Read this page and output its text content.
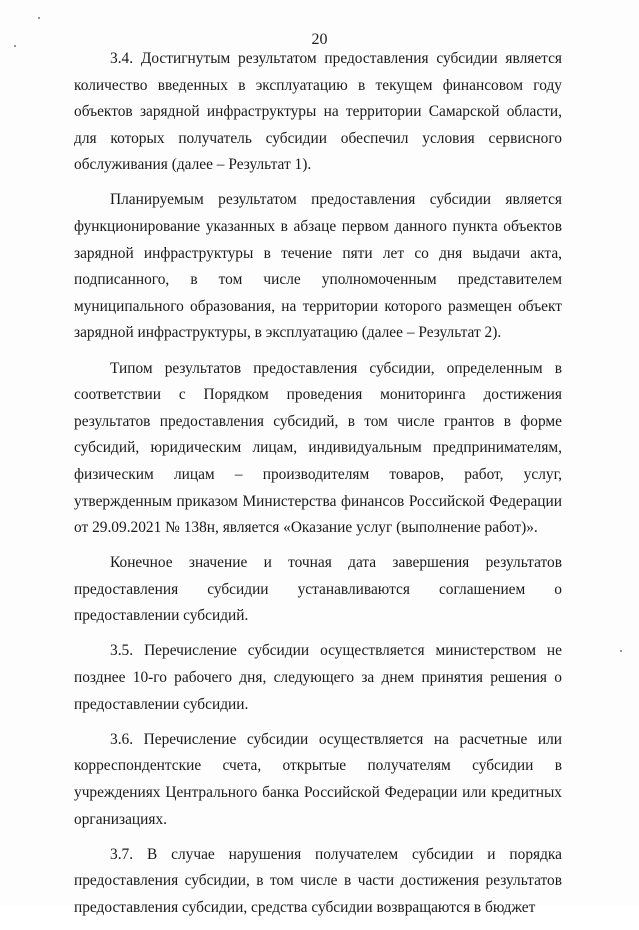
20

3.4. Достигнутым результатом предоставления субсидии является количество введенных в эксплуатацию в текущем финансовом году объектов зарядной инфраструктуры на территории Самарской области, для которых получатель субсидии обеспечил условия сервисного обслуживания (далее – Результат 1).

Планируемым результатом предоставления субсидии является функционирование указанных в абзаце первом данного пункта объектов зарядной инфраструктуры в течение пяти лет со дня выдачи акта, подписанного, в том числе уполномоченным представителем муниципального образования, на территории которого размещен объект зарядной инфраструктуры, в эксплуатацию (далее – Результат 2).

Типом результатов предоставления субсидии, определенным в соответствии с Порядком проведения мониторинга достижения результатов предоставления субсидий, в том числе грантов в форме субсидий, юридическим лицам, индивидуальным предпринимателям, физическим лицам – производителям товаров, работ, услуг, утвержденным приказом Министерства финансов Российской Федерации от 29.09.2021 № 138н, является «Оказание услуг (выполнение работ)».

Конечное значение и точная дата завершения результатов предоставления субсидии устанавливаются соглашением о предоставлении субсидий.

3.5. Перечисление субсидии осуществляется министерством не позднее 10-го рабочего дня, следующего за днем принятия решения о предоставлении субсидии.

3.6. Перечисление субсидии осуществляется на расчетные или корреспондентские счета, открытые получателям субсидии в учреждениях Центрального банка Российской Федерации или кредитных организациях.

3.7. В случае нарушения получателем субсидии и порядка предоставления субсидии, в том числе в части достижения результатов предоставления субсидии, средства субсидии возвращаются в бюджет
